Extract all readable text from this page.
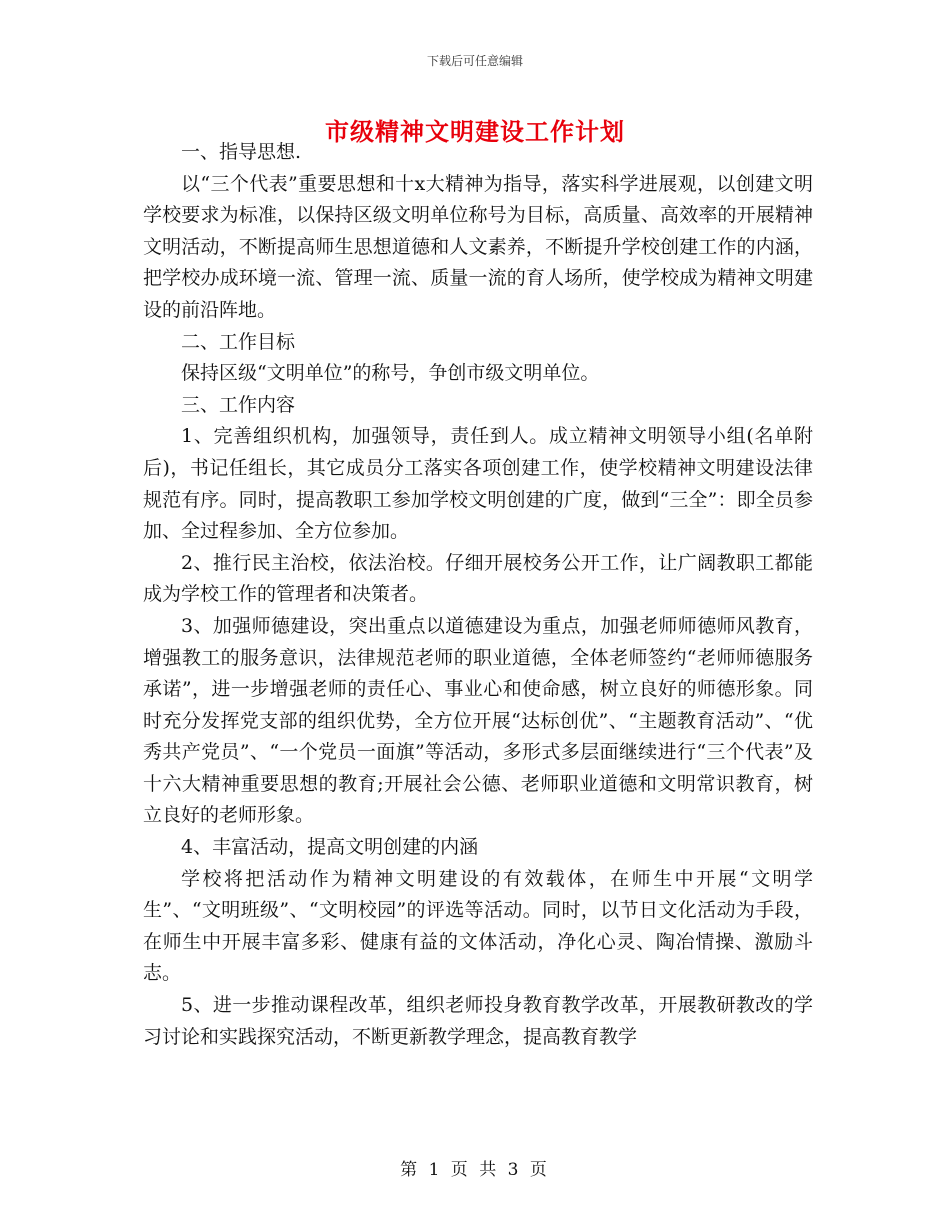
下载后可任意编辑
市级精神文明建设工作计划

一、指导思想.

以“三个代表”重要思想和十x大精神为指导，落实科学进展观，以创建文明学校要求为标准，以保持区级文明单位称号为目标，高质量、高效率的开展精神文明活动，不断提高师生思想道德和人文素养，不断提升学校创建工作的内涵，把学校办成环境一流、管理一流、质量一流的育人场所，使学校成为精神文明建设的前沿阵地。

二、工作目标

保持区级“文明单位”的称号，争创市级文明单位。

三、工作内容

1、完善组织机构，加强领导，责任到人。成立精神文明领导小组(名单附后)，书记任组长，其它成员分工落实各项创建工作，使学校精神文明建设法律规范有序。同时，提高教职工参加学校文明创建的广度，做到“三全”：即全员参加、全过程参加、全方位参加。

2、推行民主治校，依法治校。仔细开展校务公开工作，让广阔教职工都能成为学校工作的管理者和决策者。

3、加强师德建设，突出重点以道德建设为重点，加强老师师德师风教育，增强教工的服务意识，法律规范老师的职业道德，全体老师签约“老师师德服务承诺”，进一步增强老师的责任心、事业心和使命感，树立良好的师德形象。同时充分发挥党支部的组织优势，全方位开展“达标创优”、“主题教育活动”、“优秀共产党员”、“一个党员一面旗”等活动，多形式多层面继续进行“三个代表”及十六大精神重要思想的教育;开展社会公德、老师职业道德和文明常识教育，树立良好的老师形象。

4、丰富活动，提高文明创建的内涵

学校将把活动作为精神文明建设的有效载体，在师生中开展“文明学生”、“文明班级”、“文明校园”的评选等活动。同时，以节日文化活动为手段，在师生中开展丰富多彩、健康有益的文体活动，净化心灵、陶冶情操、激励斗志。

5、进一步推动课程改革，组织老师投身教育教学改革，开展教研教改的学习讨论和实践探究活动，不断更新教学理念，提高教育教学

第 1 页 共 3 页
